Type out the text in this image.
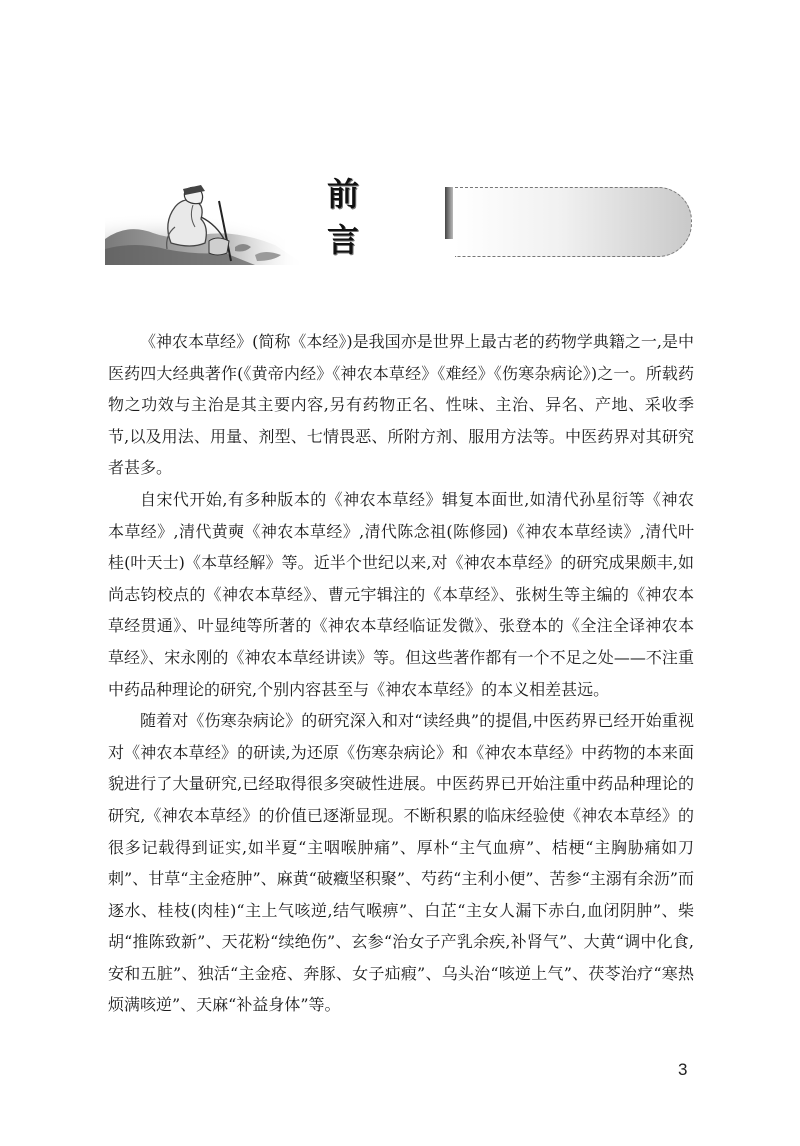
前 言

《神农本草经》(简称《本经》)是我国亦是世界上最古老的药物学典籍之一,是中医药四大经典著作(《黄帝内经》《神农本草经》《难经》《伤寒杂病论》)之一。所载药物之功效与主治是其主要内容,另有药物正名、性味、主治、异名、产地、采收季节,以及用法、用量、剂型、七情畏恶、所附方剂、服用方法等。中医药界对其研究者甚多。

自宋代开始,有多种版本的《神农本草经》辑复本面世,如清代孙星衍等《神农本草经》,清代黄奭《神农本草经》,清代陈念祖(陈修园)《神农本草经读》,清代叶桂(叶天士)《本草经解》等。近半个世纪以来,对《神农本草经》的研究成果颇丰,如尚志钧校点的《神农本草经》、曹元宇辑注的《本草经》、张树生等主编的《神农本草经贯通》、叶显纯等所著的《神农本草经临证发微》、张登本的《全注全译神农本草经》、宋永刚的《神农本草经讲读》等。但这些著作都有一个不足之处——不注重中药品种理论的研究,个别内容甚至与《神农本草经》的本义相差甚远。

随着对《伤寒杂病论》的研究深入和对“读经典”的提倡,中医药界已经开始重视对《神农本草经》的研读,为还原《伤寒杂病论》和《神农本草经》中药物的本来面貌进行了大量研究,已经取得很多突破性进展。中医药界已开始注重中药品种理论的研究,《神农本草经》的价值已逐渐显现。不断积累的临床经验使《神农本草经》的很多记载得到证实,如半夏“主咽喉肿痛”、厚朴“主气血痹”、桔梗“主胸胁痛如刀刺”、甘草“主金疮肿”、麻黄“破癥坚积聚”、芍药“主利小便”、苦参“主溺有余沥”而逐水、桂枝(肉桂)“主上气咳逆,结气喉痹”、白芷“主女人漏下赤白,血闭阴肿”、柴胡“推陈致新”、天花粉“续绝伤”、玄参“治女子产乳余疾,补肾气”、大黄“调中化食,安和五脏”、独活“主金疮、奔豚、女子疝瘕”、乌头治“咳逆上气”、茯苓治疗“寒热烦满咳逆”、天麻“补益身体”等。

3
